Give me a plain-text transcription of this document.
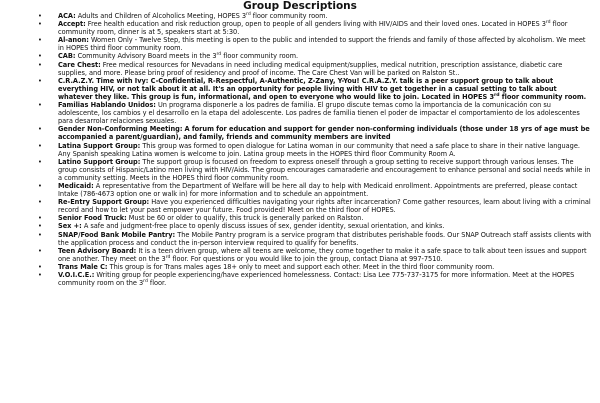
Group Descriptions
• ACA: Adults and Children of Alcoholics Meeting, HOPES 3rd floor community room.
• Accept: Free health education and risk reduction group, open to people of all genders living with HIV/AIDS and their loved ones. Located in HOPES 3rd floor community room, dinner is at 5, speakers start at 5:30.
• Al-anon: Women Only - Twelve Step, this meeting is open to the public and intended to support the friends and family of those affected by alcoholism. We meet in HOPES third floor community room.
• CAB: Community Advisory Board meets in the 3rd floor community room.
• Care Chest: Free medical resources for Nevadans in need including medical equipment/supplies, medical nutrition, prescription assistance, diabetic care supplies, and more. Please bring proof of residency and proof of income. The Care Chest Van will be parked on Ralston St..
• C.R.A.Z.Y. Time with Ivy: C-Confidential, R-Respectful, A-Authentic, Z-Zany, Y-You! C.R.A.Z.Y. talk is a peer support group to talk about everything HIV, or not talk about it at all. It's an opportunity for people living with HIV to get together in a casual setting to talk about whatever they like. This group is fun, informational, and open to everyone who would like to join. Located in HOPES 3rd floor community room.
• Familias Hablando Unidos: Un programa disponerle a los padres de familia. El grupo discute temas como la importancia de la comunicación con su adolescente, los cambios y el desarrollo en la etapa del adolescente. Los padres de familia tienen el poder de impactar el comportamiento de los adolescentes para desarrolar relaciones sexuales.
• Gender Non-Conforming Meeting: A forum for education and support for gender non-conforming individuals (those under 18 yrs of age must be accompanied a parent/guardian), and family, friends and community members are invited
• Latina Support Group: This group was formed to open dialogue for Latina woman in our community that need a safe place to share in their native language. Any Spanish speaking Latina women is welcome to join. Latina group meets in the HOPES third floor Community Room A.
• Latino Support Group: The support group is focused on freedom to express oneself through a group setting to receive support through various lenses. The group consists of Hispanic/Latino men living with HIV/Aids. The group encourages camaraderie and encouragement to enhance personal and social needs while in a community setting. Meets in the HOPES third floor community room.
• Medicaid: A representative from the Department of Welfare will be here all day to help with Medicaid enrollment. Appointments are preferred, please contact Intake (786-4673 option one or walk in) for more information and to schedule an appointment.
• Re-Entry Support Group: Have you experienced difficulties navigating your rights after incarceration? Come gather resources, learn about living with a criminal record and how to let your past empower your future. Food provided! Meet on the third floor of HOPES.
• Senior Food Truck: Must be 60 or older to qualify, this truck is generally parked on Ralston.
• Sex +: A safe and judgment-free place to openly discuss issues of sex, gender identity, sexual orientation, and kinks.
• SNAP/Food Bank Mobile Pantry: The Mobile Pantry program is a service program that distributes perishable foods. Our SNAP Outreach staff assists clients with the application process and conduct the in-person interview required to qualify for benefits.
• Teen Advisory Board: It is a teen driven group, where all teens are welcome, they come together to make it a safe space to talk about teen issues and support one another. They meet on the 3rd floor. For questions or you would like to join the group, contact Diana at 997-7510.
• Trans Male C: This group is for Trans males ages 18+ only to meet and support each other. Meet in the third floor community room.
• V.O.I.C.E.: Writing group for people experiencing/have experienced homelessness. Contact: Lisa Lee 775-737-3175 for more information. Meet at the HOPES community room on the 3rd floor.
